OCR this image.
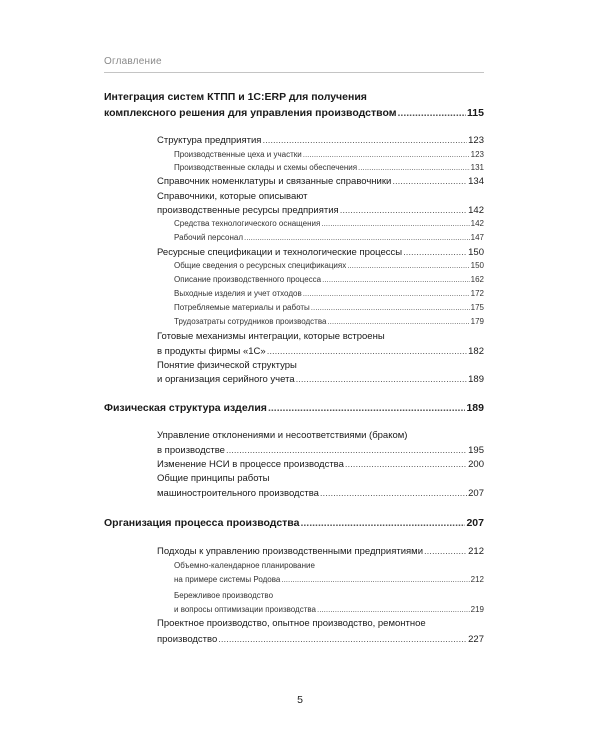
Оглавление
Интеграция систем КТПП и 1С:ERP для получения
комплексного решения для управления производством .....	115
Структура предприятия .....	123
Производственные цеха и участки .....	123
Производственные склады и схемы обеспечения .....	131
Справочник номенклатуры и связанные справочники .....	134
Справочники, которые описывают
производственные ресурсы предприятия .....	142
Средства технологического оснащения .....	142
Рабочий персонал .....	147
Ресурсные спецификации и технологические процессы .....	150
Общие сведения о ресурсных спецификациях .....	150
Описание производственного процесса .....	162
Выходные изделия и учет отходов .....	172
Потребляемые материалы и работы .....	175
Трудозатраты сотрудников производства .....	179
Готовые механизмы интеграции, которые встроены
в продукты фирмы «1С» .....	182
Понятие физической структуры
и организация серийного учета .....	189
Физическая структура изделия .....	189
Управление отклонениями и несоответствиями (браком)
в производстве .....	195
Изменение НСИ в процессе производства .....	200
Общие принципы работы
машиностроительного производства .....	207
Организация процесса производства .....	207
Подходы к управлению производственными предприятиями .....	212
Объемно-календарное планирование
на примере системы Родова .....	212
Бережливое производство
и вопросы оптимизации производства .....	219
Проектное производство, опытное производство, ремонтное
производство .....	227
5
